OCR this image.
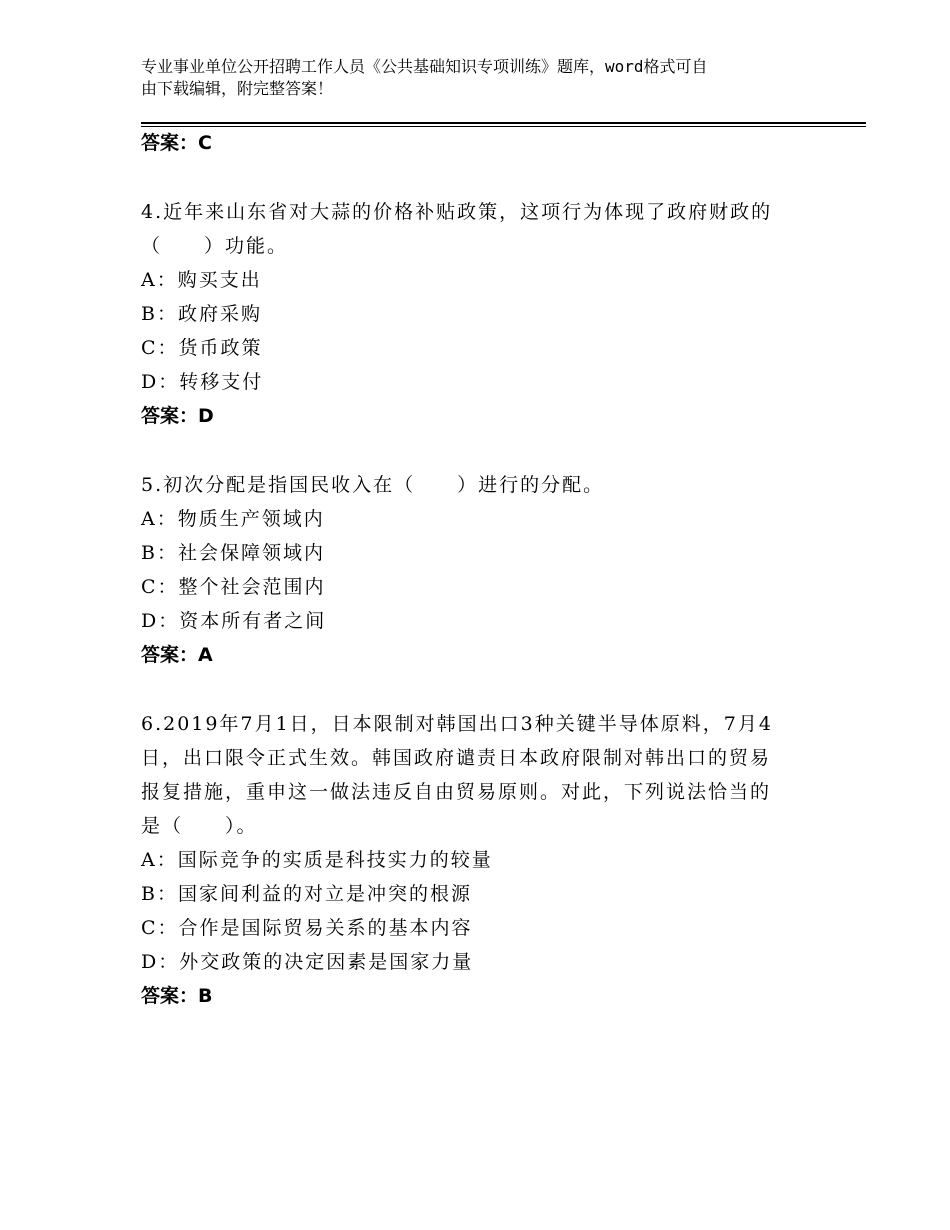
专业事业单位公开招聘工作人员《公共基础知识专项训练》题库，word格式可自
由下载编辑，附完整答案！
答案：C
4.近年来山东省对大蒜的价格补贴政策，这项行为体现了政府财政的
（　　）功能。
A：购买支出
B：政府采购
C：货币政策
D：转移支付
答案：D
5.初次分配是指国民收入在（　　）进行的分配。
A：物质生产领域内
B：社会保障领域内
C：整个社会范围内
D：资本所有者之间
答案：A
6.2019年7月1日，日本限制对韩国出口3种关键半导体原料，7月4
日，出口限令正式生效。韩国政府谴责日本政府限制对韩出口的贸易
报复措施，重申这一做法违反自由贸易原则。对此，下列说法恰当的
是（　　）。
A：国际竞争的实质是科技实力的较量
B：国家间利益的对立是冲突的根源
C：合作是国际贸易关系的基本内容
D：外交政策的决定因素是国家力量
答案：B
